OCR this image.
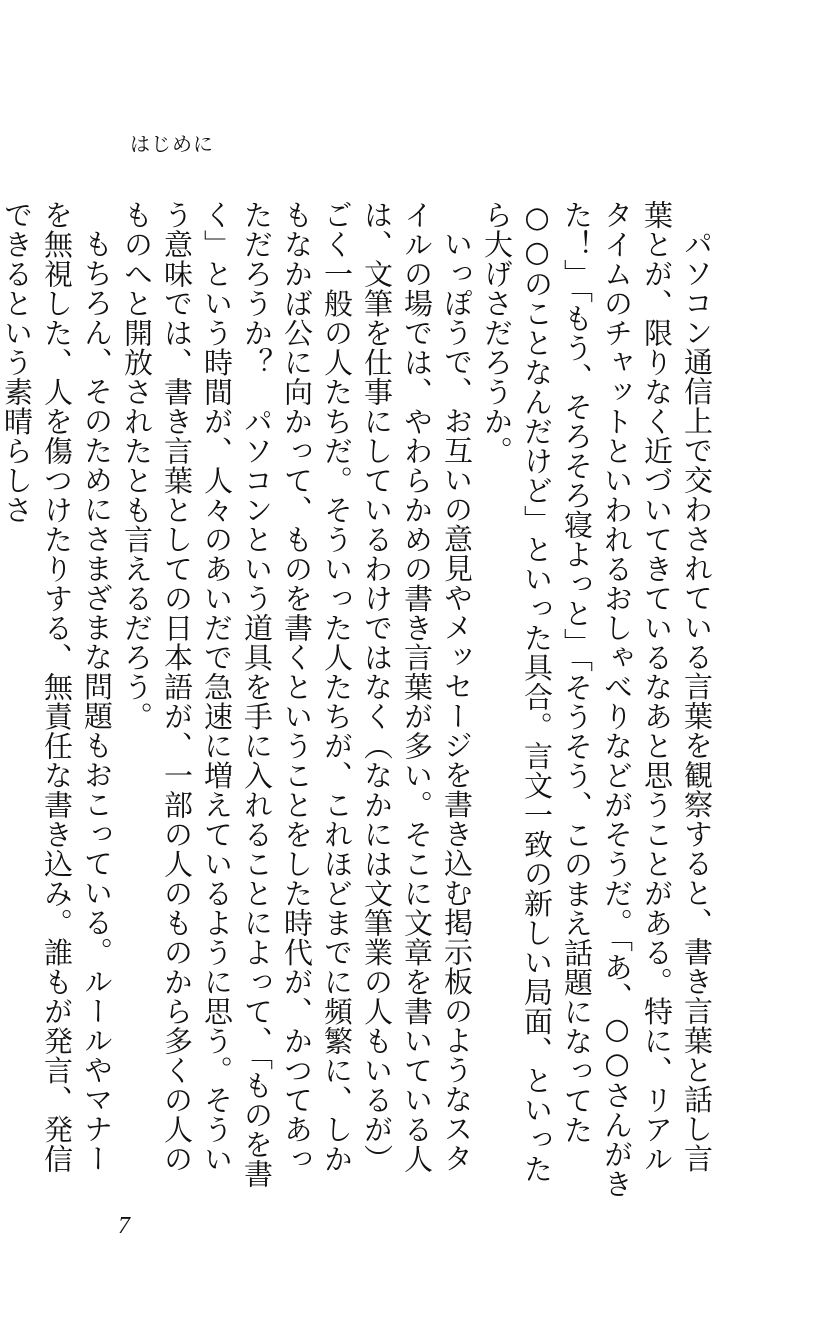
はじめに

パソコン通信上で交わされている言葉を観察すると、書き言葉と話し言葉とが、限りなく近づいてきているなあと思うことがある。特に、リアルタイムのチャットといわれるおしゃべりなどがそうだ。「あ、○○さんがきた！」「もう、そろそろ寝よっと」「そうそう、このまえ話題になってた○○のことなんだけど」といった具合。言文一致の新しい局面、といったら大げさだろうか。

いっぽうで、お互いの意見やメッセージを書き込む掲示板のようなスタイルの場では、やわらかめの書き言葉が多い。そこに文章を書いている人は、文筆を仕事にしているわけではなく（なかには文筆業の人もいるが）ごく一般の人たちだ。そういった人たちが、これほどまでに頻繁に、しかもなかば公に向かって、ものを書くということをした時代が、かつてあっただろうか？　パソコンという道具を手に入れることによって、「ものを書く」という時間が、人々のあいだで急速に増えているように思う。そういう意味では、書き言葉としての日本語が、一部の人のものから多くの人のものへと開放されたとも言えるだろう。

もちろん、そのためにさまざまな問題もおこっている。ルールやマナーを無視した、人を傷つけたりする、無責任な書き込み。誰もが発言、発信できるという素晴らしさ

7
